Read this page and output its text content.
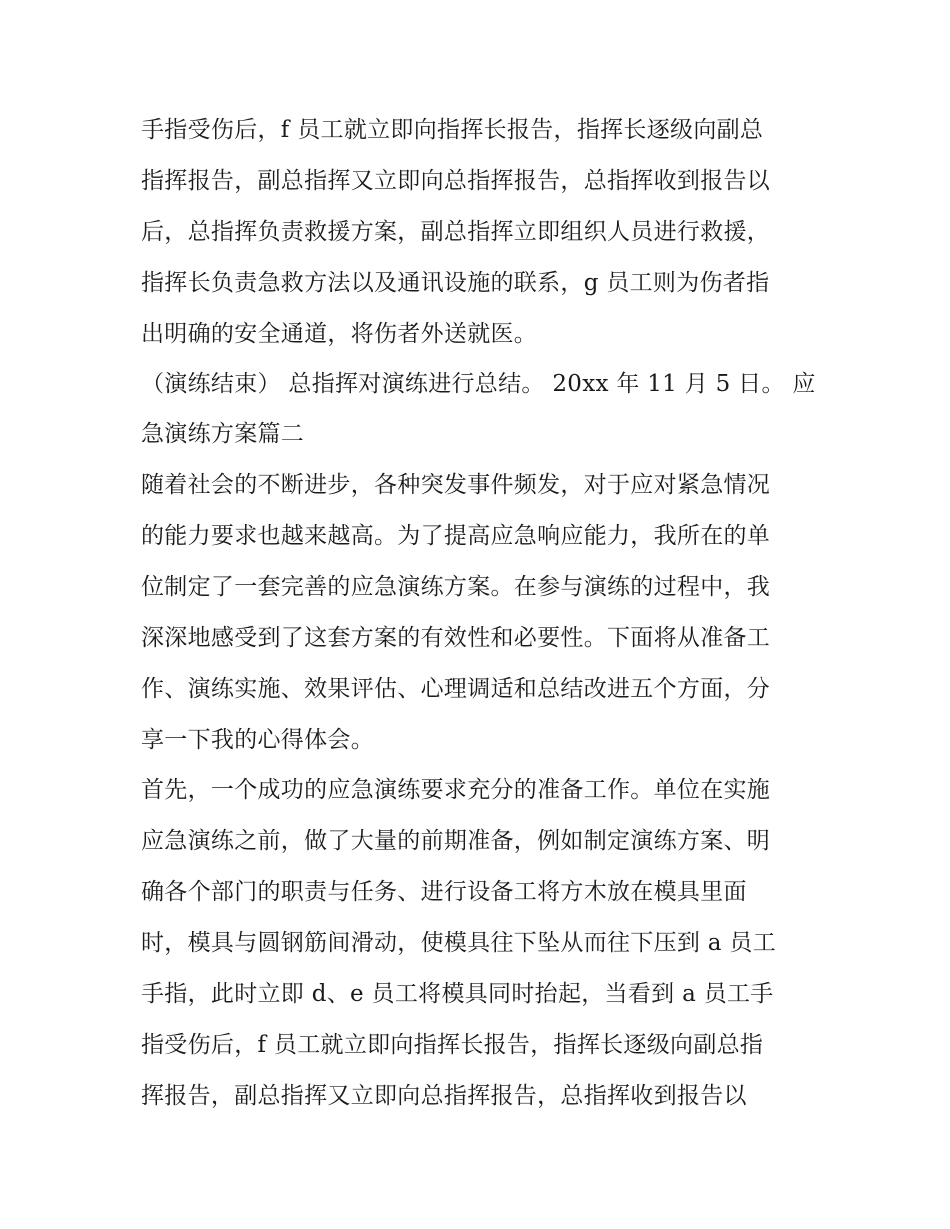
手指受伤后，f 员工就立即向指挥长报告，指挥长逐级向副总
指挥报告，副总指挥又立即向总指挥报告，总指挥收到报告以
后，总指挥负责救援方案，副总指挥立即组织人员进行救援，
指挥长负责急救方法以及通讯设施的联系，g 员工则为伤者指
出明确的安全通道，将伤者外送就医。
（演练结束） 总指挥对演练进行总结。 20xx 年 11 月 5 日。 应
急演练方案篇二
随着社会的不断进步，各种突发事件频发，对于应对紧急情况
的能力要求也越来越高。为了提高应急响应能力，我所在的单
位制定了一套完善的应急演练方案。在参与演练的过程中，我
深深地感受到了这套方案的有效性和必要性。下面将从准备工
作、演练实施、效果评估、心理调适和总结改进五个方面，分
享一下我的心得体会。
首先，一个成功的应急演练要求充分的准备工作。单位在实施
应急演练之前，做了大量的前期准备，例如制定演练方案、明
确各个部门的职责与任务、进行设备工将方木放在模具里面
时，模具与圆钢筋间滑动，使模具往下坠从而往下压到 a 员工
手指，此时立即 d、e 员工将模具同时抬起，当看到 a 员工手
指受伤后，f 员工就立即向指挥长报告，指挥长逐级向副总指
挥报告，副总指挥又立即向总指挥报告，总指挥收到报告以
